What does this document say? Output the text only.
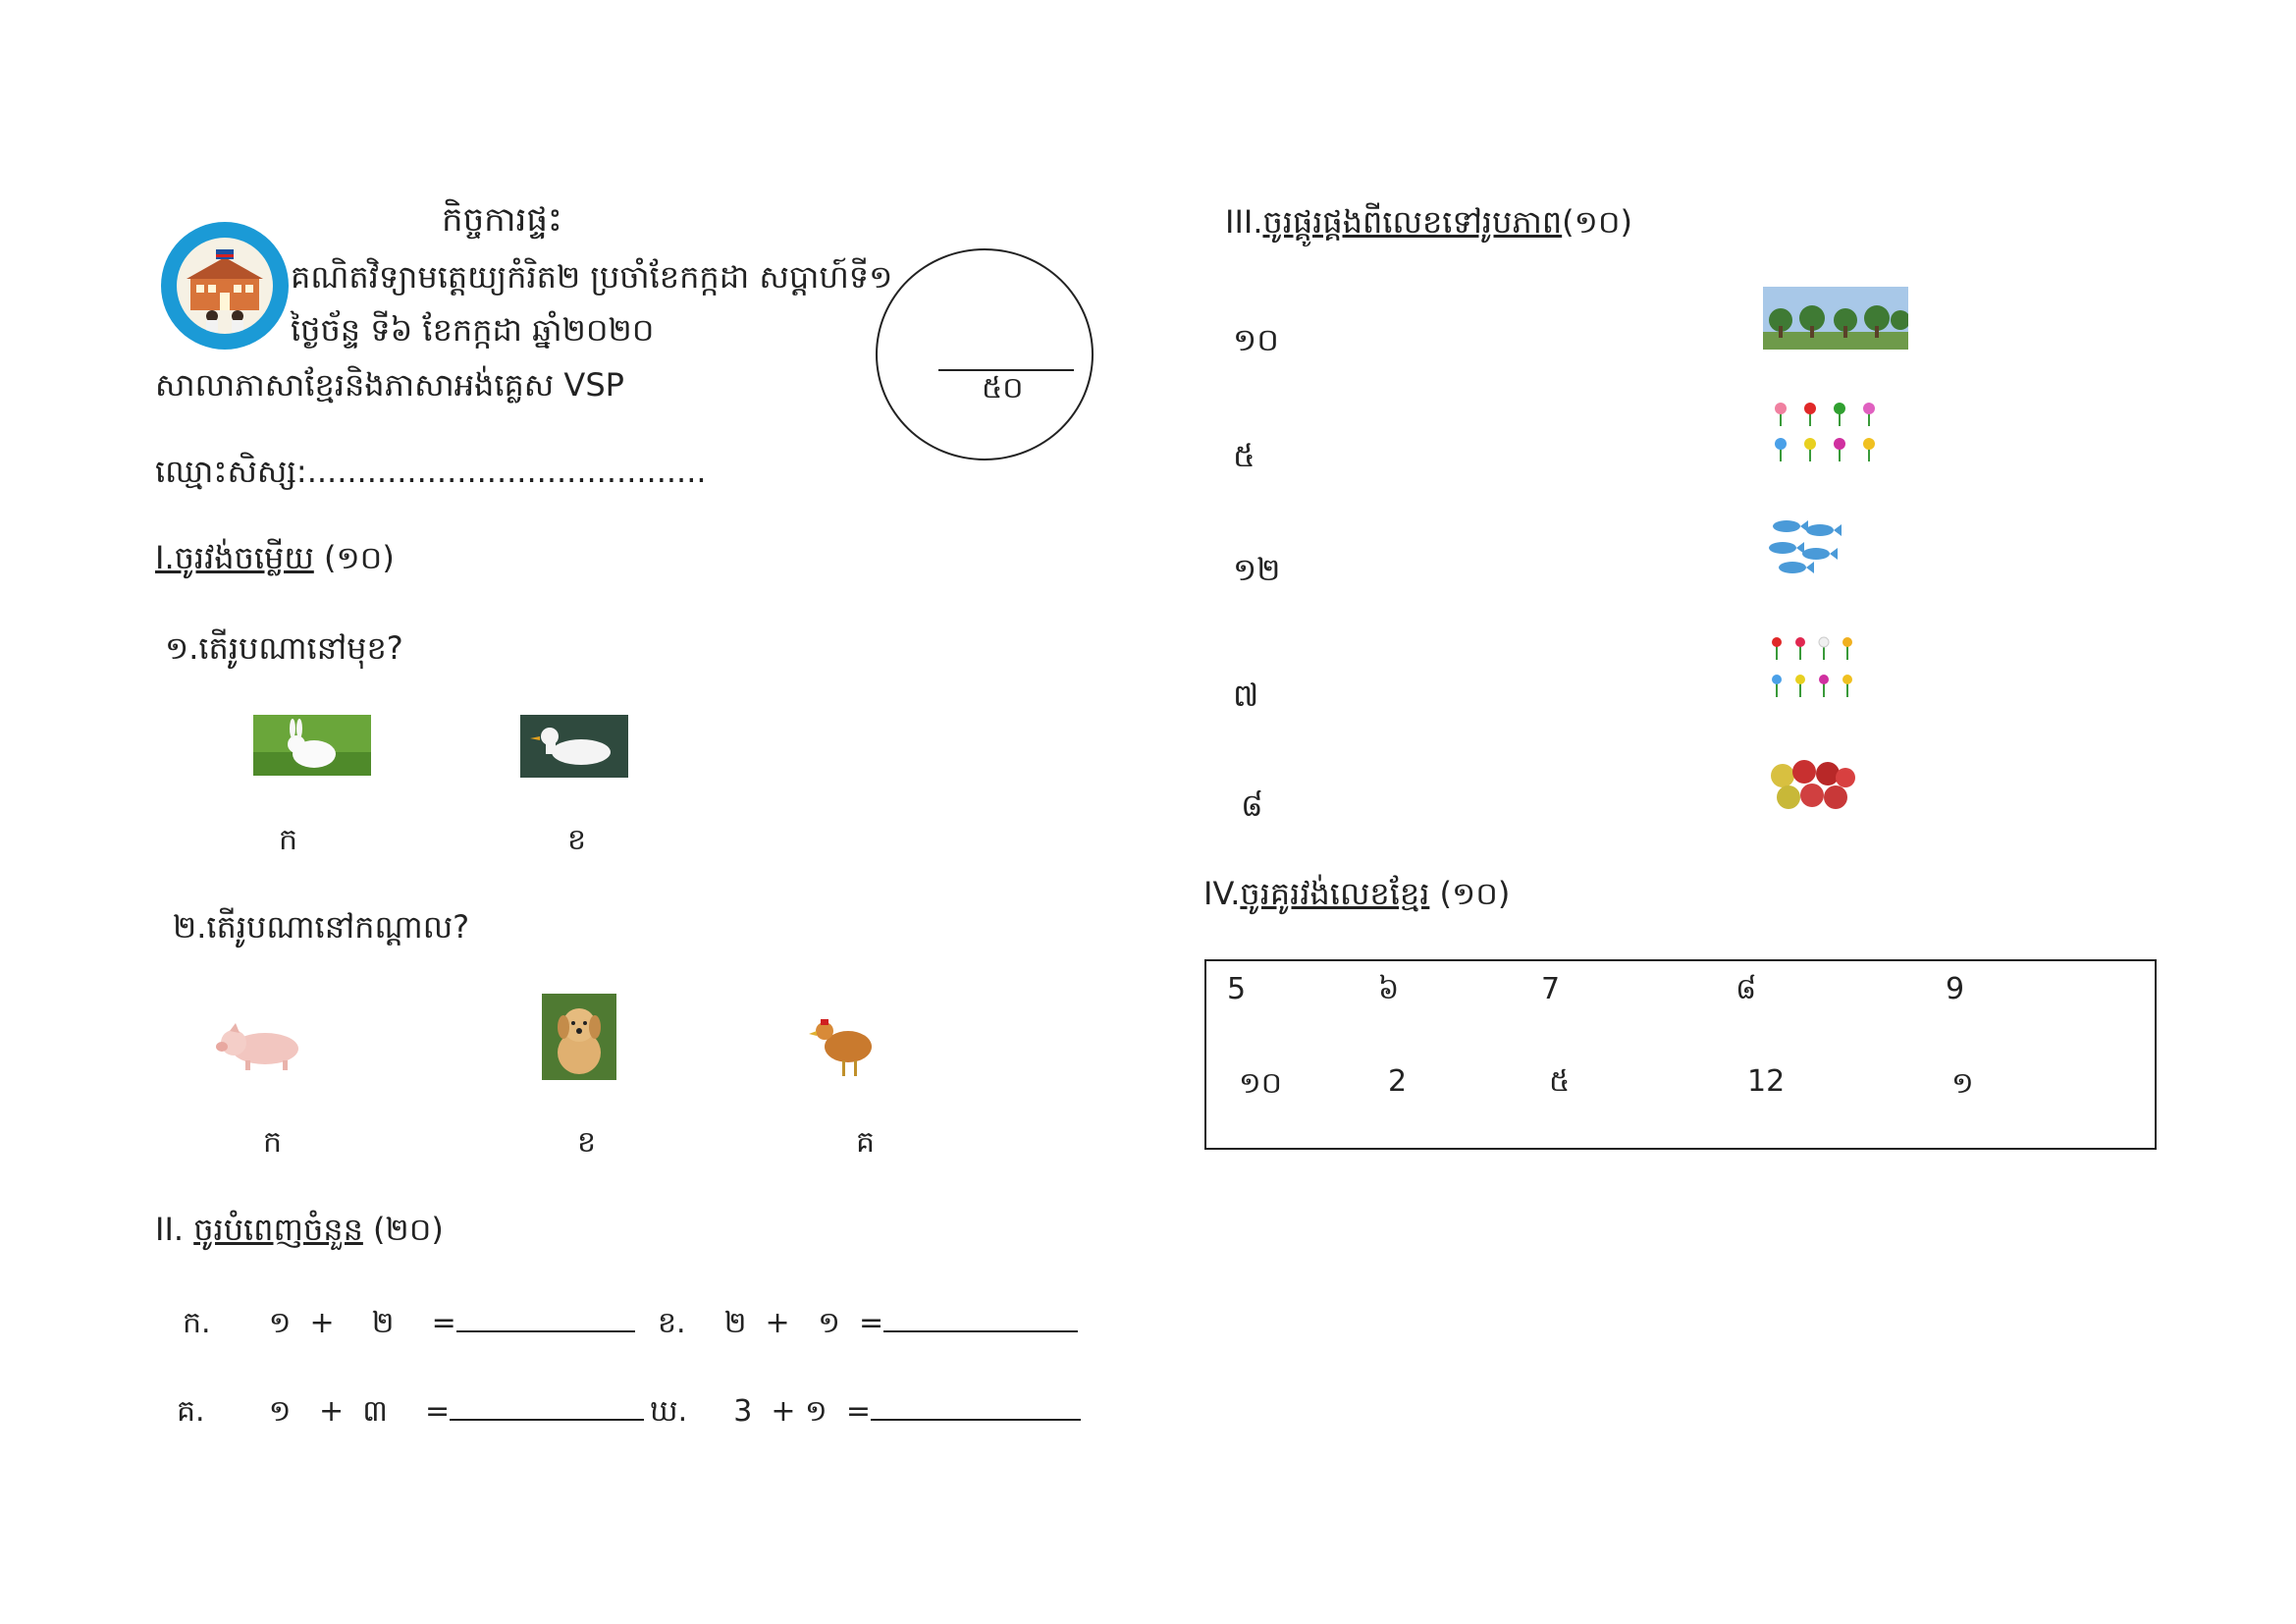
កិច្ចការផ្ទះ
គណិតវិទ្យាមត្តេយ្យកំរិត២ ប្រចាំខែកក្កដា សប្តាហ៍ទី១
ថ្ងៃច័ន្ទ ទី៦ ខែកក្កដា ឆ្នាំ២០២០
សាលាភាសាខ្មែរនិងភាសាអង់គ្លេស VSP
ឈ្មោះសិស្ស:........................................
៥០
I.ចូរវង់ចម្លើយ (១០)
១.តើរូបណានៅមុខ?
ក	ខ
២.តើរូបណានៅកណ្តាល?
ក	ខ	គ
II. ចូរបំពេញចំនួន (២០)
ក. ១  +    ២    =	ខ. ២  +   ១  =
គ. ១   +  ៣    =	ឃ. 3  + ១  =
III.ចូរផ្គូរផ្គងពីលេខទៅរូបភាព(១០)
១០
៥
១២
៧
៨
IV.ចូរគូរវង់លេខខ្មែរ (១០)
5	៦	7	៨	9
១០	2	៥	12	១
